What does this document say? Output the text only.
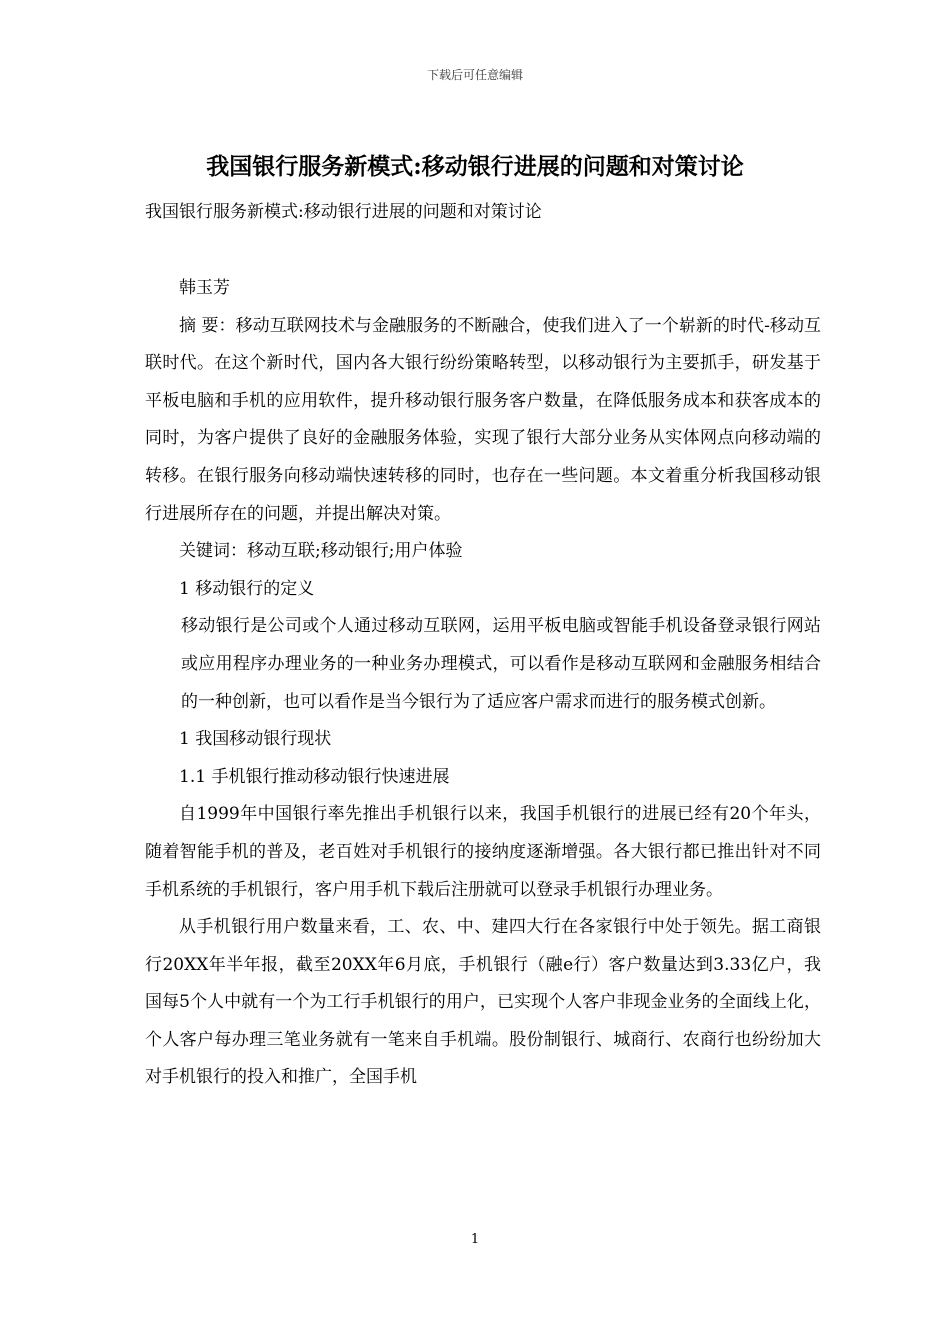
下载后可任意编辑
我国银行服务新模式:移动银行进展的问题和对策讨论
我国银行服务新模式:移动银行进展的问题和对策讨论

韩玉芳

摘 要：移动互联网技术与金融服务的不断融合，使我们进入了一个崭新的时代-移动互联时代。在这个新时代，国内各大银行纷纷策略转型，以移动银行为主要抓手，研发基于平板电脑和手机的应用软件，提升移动银行服务客户数量，在降低服务成本和获客成本的同时，为客户提供了良好的金融服务体验，实现了银行大部分业务从实体网点向移动端的转移。在银行服务向移动端快速转移的同时，也存在一些问题。本文着重分析我国移动银行进展所存在的问题，并提出解决对策。

关键词：移动互联;移动银行;用户体验

1 移动银行的定义

移动银行是公司或个人通过移动互联网，运用平板电脑或智能手机设备登录银行网站或应用程序办理业务的一种业务办理模式，可以看作是移动互联网和金融服务相结合的一种创新，也可以看作是当今银行为了适应客户需求而进行的服务模式创新。

1 我国移动银行现状

1.1 手机银行推动移动银行快速进展

自1999年中国银行率先推出手机银行以来，我国手机银行的进展已经有20个年头，随着智能手机的普及，老百姓对手机银行的接纳度逐渐增强。各大银行都已推出针对不同手机系统的手机银行，客户用手机下载后注册就可以登录手机银行办理业务。

从手机银行用户数量来看，工、农、中、建四大行在各家银行中处于领先。据工商银行20XX年半年报，截至20XX年6月底，手机银行（融e行）客户数量达到3.33亿户，我国每5个人中就有一个为工行手机银行的用户，已实现个人客户非现金业务的全面线上化，个人客户每办理三笔业务就有一笔来自手机端。股份制银行、城商行、农商行也纷纷加大对手机银行的投入和推广，全国手机

1
